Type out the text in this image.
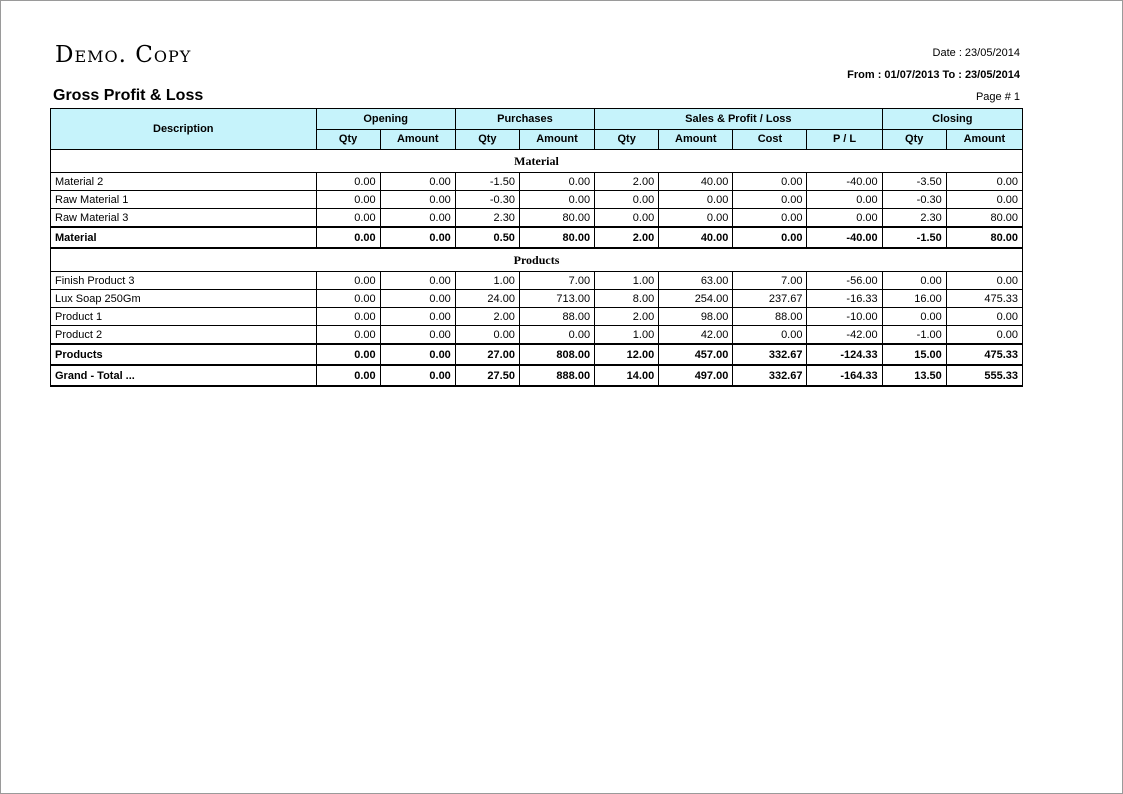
Demo. Copy	Date : 23/05/2014
From : 01/07/2013 To : 23/05/2014
Gross Profit & Loss	Page # 1
Description	Opening		Purchases		Sales & Profit / Loss				Closing	
	Qty	Amount	Qty	Amount	Qty	Amount	Cost	P / L	Qty	Amount
Material										
Material 2	0.00	0.00	-1.50	0.00	2.00	40.00	0.00	-40.00	-3.50	0.00
Raw Material 1	0.00	0.00	-0.30	0.00	0.00	0.00	0.00	0.00	-0.30	0.00
Raw Material 3	0.00	0.00	2.30	80.00	0.00	0.00	0.00	0.00	2.30	80.00
Material	0.00	0.00	0.50	80.00	2.00	40.00	0.00	-40.00	-1.50	80.00
Products										
Finish Product 3	0.00	0.00	1.00	7.00	1.00	63.00	7.00	-56.00	0.00	0.00
Lux Soap 250Gm	0.00	0.00	24.00	713.00	8.00	254.00	237.67	-16.33	16.00	475.33
Product 1	0.00	0.00	2.00	88.00	2.00	98.00	88.00	-10.00	0.00	0.00
Product 2	0.00	0.00	0.00	0.00	1.00	42.00	0.00	-42.00	-1.00	0.00
Products	0.00	0.00	27.00	808.00	12.00	457.00	332.67	-124.33	15.00	475.33
Grand - Total ...	0.00	0.00	27.50	888.00	14.00	497.00	332.67	-164.33	13.50	555.33
